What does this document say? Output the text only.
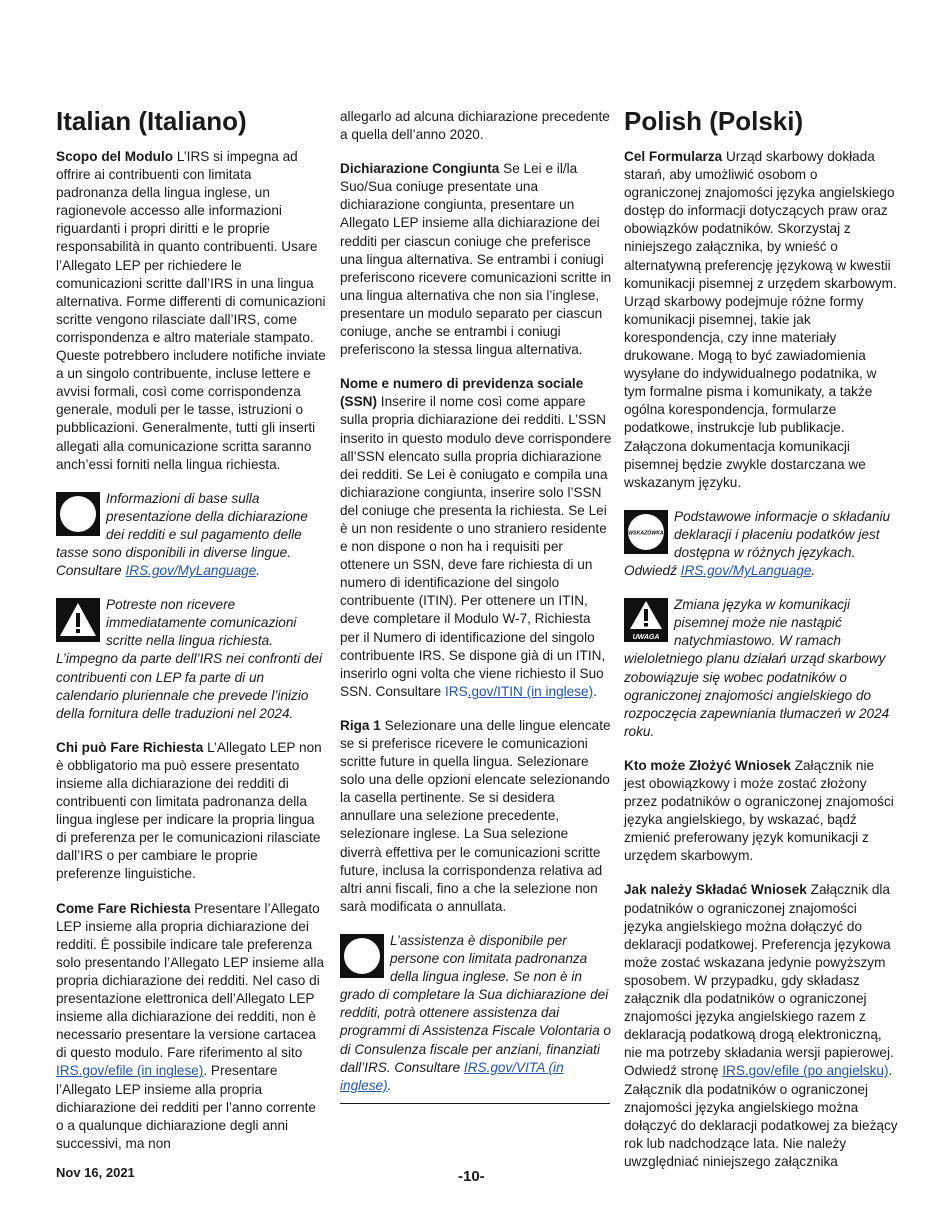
Italian (Italiano)

Scopo del Modulo L’IRS si impegna ad offrire ai contribuenti con limitata padronanza della lingua inglese, un ragionevole accesso alle informazioni riguardanti i propri diritti e le proprie responsabilità in quanto contribuenti. Usare l’Allegato LEP per richiedere le comunicazioni scritte dall’IRS in una lingua alternativa. Forme differenti di comunicazioni scritte vengono rilasciate dall’IRS, come corrispondenza e altro materiale stampato. Queste potrebbero includere notifiche inviate a un singolo contribuente, incluse lettere e avvisi formali, così come corrispondenza generale, moduli per le tasse, istruzioni o pubblicazioni. Generalmente, tutti gli inserti allegati alla comunicazione scritta saranno anch’essi forniti nella lingua richiesta.

Informazioni di base sulla presentazione della dichiarazione dei redditi e sul pagamento delle tasse sono disponibili in diverse lingue. Consultare IRS.gov/MyLanguage.
Potreste non ricevere immediatamente comunicazioni scritte nella lingua richiesta. L’impegno da parte dell’IRS nei confronti dei contribuenti con LEP fa parte di un calendario pluriennale che prevede l’inizio della fornitura delle traduzioni nel 2024.

Chi può Fare Richiesta L’Allegato LEP non è obbligatorio ma può essere presentato insieme alla dichiarazione dei redditi di contribuenti con limitata padronanza della lingua inglese per indicare la propria lingua di preferenza per le comunicazioni rilasciate dall’IRS o per cambiare le proprie preferenze linguistiche.

Come Fare Richiesta Presentare l’Allegato LEP insieme alla propria dichiarazione dei redditi. È possibile indicare tale preferenza solo presentando l’Allegato LEP insieme alla propria dichiarazione dei redditi. Nel caso di presentazione elettronica dell’Allegato LEP insieme alla dichiarazione dei redditi, non è necessario presentare la versione cartacea di questo modulo. Fare riferimento al sito IRS.gov/efile (in inglese). Presentare l’Allegato LEP insieme alla propria dichiarazione dei redditi per l’anno corrente o a qualunque dichiarazione degli anni successivi, ma non

allegarlo ad alcuna dichiarazione precedente a quella dell’anno 2020.

Dichiarazione Congiunta Se Lei e il/la Suo/Sua coniuge presentate una dichiarazione congiunta, presentare un Allegato LEP insieme alla dichiarazione dei redditi per ciascun coniuge che preferisce una lingua alternativa. Se entrambi i coniugi preferiscono ricevere comunicazioni scritte in una lingua alternativa che non sia l’inglese, presentare un modulo separato per ciascun coniuge, anche se entrambi i coniugi preferiscono la stessa lingua alternativa.

Nome e numero di previdenza sociale (SSN) Inserire il nome così come appare sulla propria dichiarazione dei redditi. L’SSN inserito in questo modulo deve corrispondere all’SSN elencato sulla propria dichiarazione dei redditi. Se Lei è coniugato e compila una dichiarazione congiunta, inserire solo l’SSN del coniuge che presenta la richiesta. Se Lei è un non residente o uno straniero residente e non dispone o non ha i requisiti per ottenere un SSN, deve fare richiesta di un numero di identificazione del singolo contribuente (ITIN). Per ottenere un ITIN, deve completare il Modulo W-7, Richiesta per il Numero di identificazione del singolo contribuente IRS. Se dispone già di un ITIN, inserirlo ogni volta che viene richiesto il Suo SSN. Consultare IRS.gov/ITIN (in inglese).

Riga 1 Selezionare una delle lingue elencate se si preferisce ricevere le comunicazioni scritte future in quella lingua. Selezionare solo una delle opzioni elencate selezionando la casella pertinente. Se si desidera annullare una selezione precedente, selezionare inglese. La Sua selezione diverrà effettiva per le comunicazioni scritte future, inclusa la corrispondenza relativa ad altri anni fiscali, fino a che la selezione non sarà modificata o annullata.

L’assistenza è disponibile per persone con limitata padronanza della lingua inglese. Se non è in grado di completare la Sua dichiarazione dei redditi, potrà ottenere assistenza dai programmi di Assistenza Fiscale Volontaria o di Consulenza fiscale per anziani, finanziati dall’IRS. Consultare IRS.gov/VITA (in inglese).
Polish (Polski)

Cel Formularza Urząd skarbowy dokłada starań, aby umożliwić osobom o ograniczonej znajomości języka angielskiego dostęp do informacji dotyczących praw oraz obowiązków podatników. Skorzystaj z niniejszego załącznika, by wnieść o alternatywną preferencję językową w kwestii komunikacji pisemnej z urzędem skarbowym. Urząd skarbowy podejmuje różne formy komunikacji pisemnej, takie jak korespondencja, czy inne materiały drukowane. Mogą to być zawiadomienia wysyłane do indywidualnego podatnika, w tym formalne pisma i komunikaty, a także ogólna korespondencja, formularze podatkowe, instrukcje lub publikacje. Załączona dokumentacja komunikacji pisemnej będzie zwykle dostarczana we wskazanym języku.

WSKAZÓWKA
Podstawowe informacje o składaniu deklaracji i płaceniu podatków jest dostępna w różnych językach. Odwiedź IRS.gov/MyLanguage.
UWAGA
Zmiana języka w komunikacji pisemnej może nie nastąpić natychmiastowo. W ramach wieloletniego planu działań urząd skarbowy zobowiązuje się wobec podatników o ograniczonej znajomości angielskiego do rozpoczęcia zapewniania tłumaczeń w 2024 roku.

Kto może Złożyć Wniosek Załącznik nie jest obowiązkowy i może zostać złożony przez podatników o ograniczonej znajomości języka angielskiego, by wskazać, bądź zmienić preferowany język komunikacji z urzędem skarbowym.

Jak należy Składać Wniosek Załącznik dla podatników o ograniczonej znajomości języka angielskiego można dołączyć do deklaracji podatkowej. Preferencja językowa może zostać wskazana jedynie powyższym sposobem. W przypadku, gdy składasz załącznik dla podatników o ograniczonej znajomości języka angielskiego razem z deklaracją podatkową drogą elektroniczną, nie ma potrzeby składania wersji papierowej. Odwiedź stronę IRS.gov/efile (po angielsku). Załącznik dla podatników o ograniczonej znajomości języka angielskiego można dołączyć do deklaracji podatkowej za bieżący rok lub nadchodzące lata. Nie należy uwzględniać niniejszego załącznika

Nov 16, 2021	-10-
